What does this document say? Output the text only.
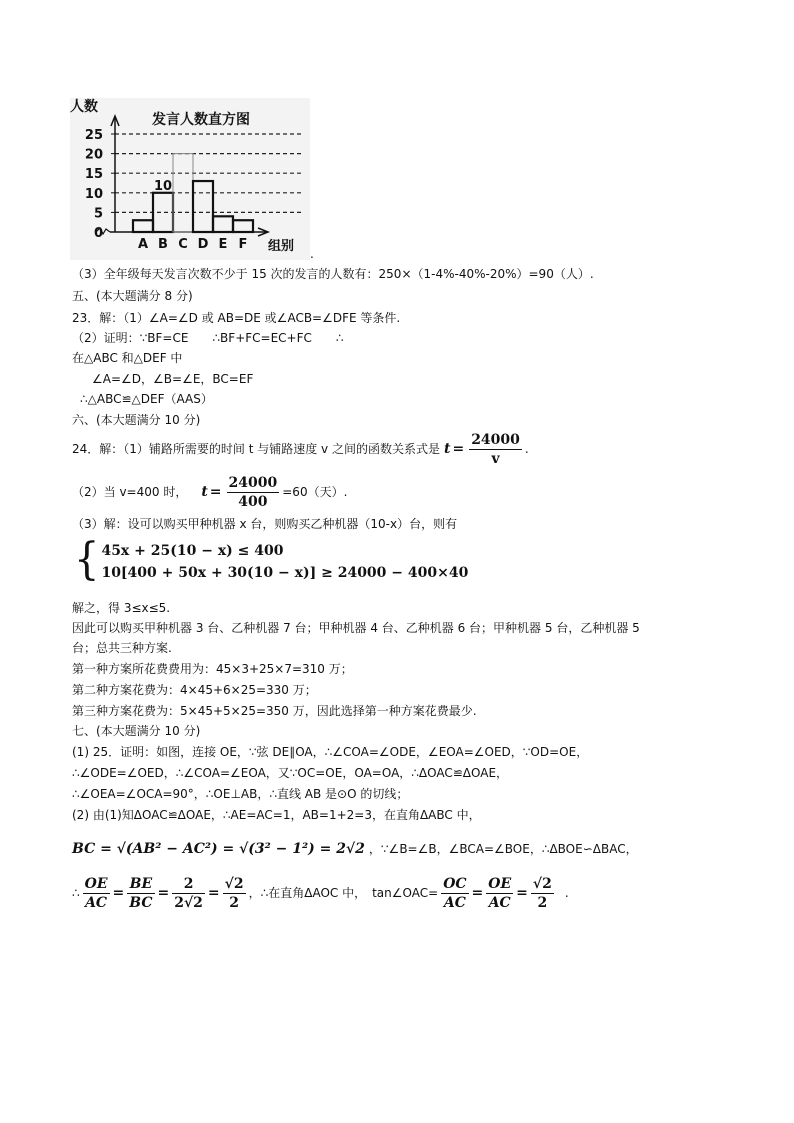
25
20
15
10
5
0
人数
发言人数直方图
组别
A B C D E F
10
.
（3）全年级每天发言次数不少于 15 次的发言的人数有：250×（1-4%-40%-20%）=90（人）.
五、(本大题满分 8 分)
23．解：（1）∠A=∠D 或 AB=DE 或∠ACB=∠DFE 等条件.
（2）证明：∵BF=CE　　∴BF+FC=EC+FC　　∴
在△ABC 和△DEF 中
∠A=∠D，∠B=∠E，BC=EF
∴△ABC≌△DEF（AAS）
六、(本大题满分 10 分)
24．解：（1）铺路所需要的时间 t 与铺路速度 v 之间的函数关系式是 $t = \frac{24000}{v}$ .
（2）当 v=400 时， $t = \frac{24000}{400} =60$（天）.
（3）解：设可以购买甲种机器 x 台，则购买乙种机器（10-x）台，则有
{ 45x + 25(10 − x) ≤ 400
10[400 + 50x + 30(10 − x)] ≥ 24000 − 400×40
解之，得 3≤x≤5.
因此可以购买甲种机器 3 台、乙种机器 7 台；甲种机器 4 台、乙种机器 6 台；甲种机器 5 台，乙种机器 5
台；总共三种方案.
第一种方案所花费费用为：45×3+25×7=310 万；
第二种方案花费为：4×45+6×25=330 万；
第三种方案花费为：5×45+5×25=350 万，因此选择第一种方案花费最少.
七、(本大题满分 10 分)
(1) 25．证明：如图，连接 OE，∵弦 DE∥OA，∴∠COA=∠ODE，∠EOA=∠OED，∵OD=OE，
∴∠ODE=∠OED，∴∠COA=∠EOA，又∵OC=OE，OA=OA，∴ΔOAC≌ΔOAE，
∴∠OEA=∠OCA=90°，∴OE⊥AB，∴直线 AB 是⊙O 的切线；
(2) 由(1)知ΔOAC≌ΔOAE，∴AE=AC=1，AB=1+2=3，在直角ΔABC 中，
BC = √(AB² − AC²) = √(3² − 1²) = 2√2 ，∵∠B=∠B，∠BCA=∠BOE，∴ΔBOE∽ΔBAC，
∴ $\frac{OE}{AC} = \frac{BE}{BC} = \frac{2}{2√2} = \frac{√2}{2}$ ，∴在直角ΔAOC 中，　tan∠OAC= $\frac{OC}{AC} = \frac{OE}{AC} = \frac{√2}{2}$ .
